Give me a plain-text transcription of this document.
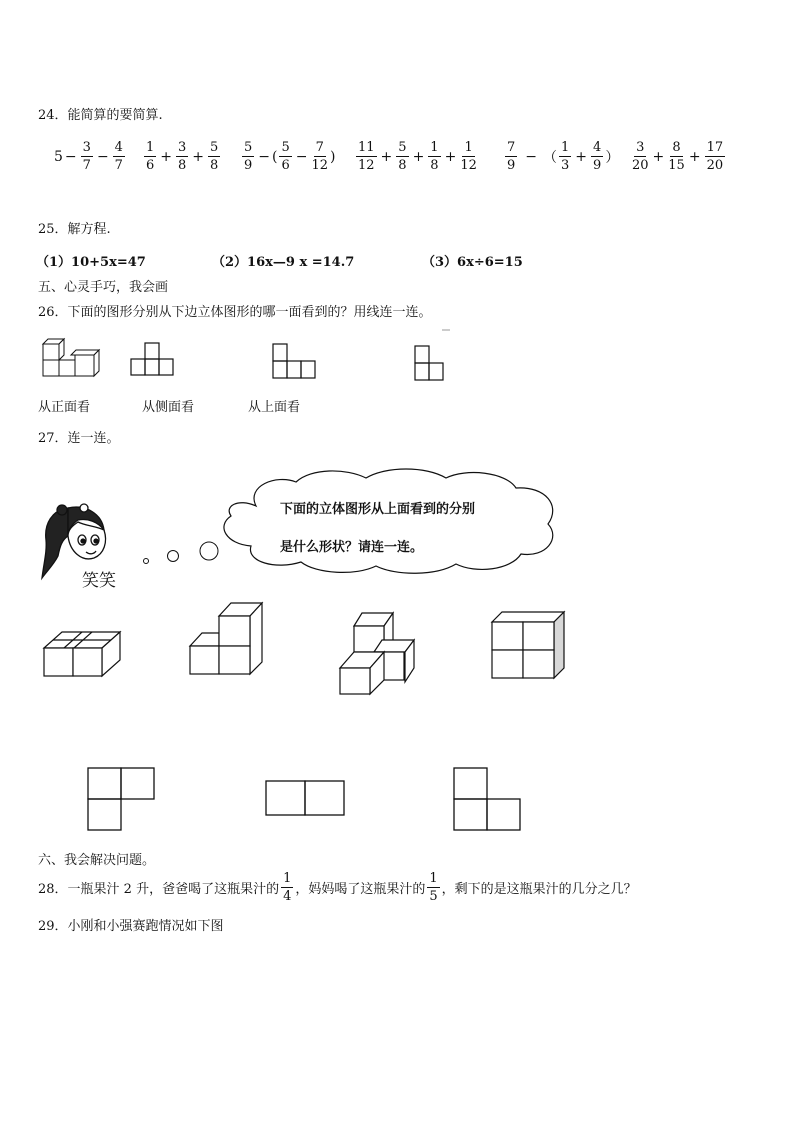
24．能简算的要简算.
$5 - \frac{3}{7} - \frac{4}{7} \frac{1}{6} + \frac{3}{8} + \frac{5}{8} \frac{5}{9}$ − ( $\frac{5}{6} - \frac{7}{12}$ ) $\frac{11}{12} + \frac{5}{8} + \frac{1}{8} + \frac{1}{12} \frac{7}{9}$ − （ $\frac{1}{3} + \frac{4}{9}$ ） $\frac{3}{20} + \frac{8}{15} + \frac{17}{20}$
25．解方程.
（1）10+5x=47	（2）16x—9 x =14.7	（3）6x÷6=15
五、心灵手巧，我会画
26．下面的图形分别从下边立体图形的哪一面看到的？用线连一连。
从正面看	从侧面看	从上面看
27．连一连。
笑笑
下面的立体图形从上面看到的分别
是什么形状？请连一连。
六、我会解决问题。
28．一瓶果汁 2 升，爸爸喝了这瓶果汁的 $\frac{1}{4}$ ，妈妈喝了这瓶果汁的 $\frac{1}{5}$ ，剩下的是这瓶果汁的几分之几？
29．小刚和小强赛跑情况如下图
